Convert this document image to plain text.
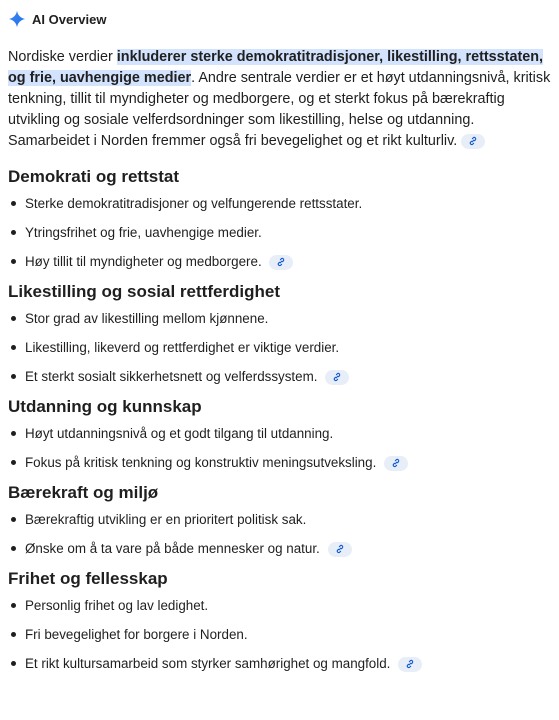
AI Overview

Nordiske verdier inkluderer sterke demokratitradisjoner, likestilling, rettsstaten, og frie, uavhengige medier. Andre sentrale verdier er et høyt utdanningsnivå, kritisk tenkning, tillit til myndigheter og medborgere, og et sterkt fokus på bærekraftig utvikling og sosiale velferdsordninger som likestilling, helse og utdanning. Samarbeidet i Norden fremmer også fri bevegelighet og et rikt kulturliv.

Demokrati og rettstat
Sterke demokratitradisjoner og velfungerende rettsstater.
Ytringsfrihet og frie, uavhengige medier.
Høy tillit til myndigheter og medborgere.
Likestilling og sosial rettferdighet
Stor grad av likestilling mellom kjønnene.
Likestilling, likeverd og rettferdighet er viktige verdier.
Et sterkt sosialt sikkerhetsnett og velferdssystem.
Utdanning og kunnskap
Høyt utdanningsnivå og et godt tilgang til utdanning.
Fokus på kritisk tenkning og konstruktiv meningsutveksling.
Bærekraft og miljø
Bærekraftig utvikling er en prioritert politisk sak.
Ønske om å ta vare på både mennesker og natur.
Frihet og fellesskap
Personlig frihet og lav ledighet.
Fri bevegelighet for borgere i Norden.
Et rikt kultursamarbeid som styrker samhørighet og mangfold.
